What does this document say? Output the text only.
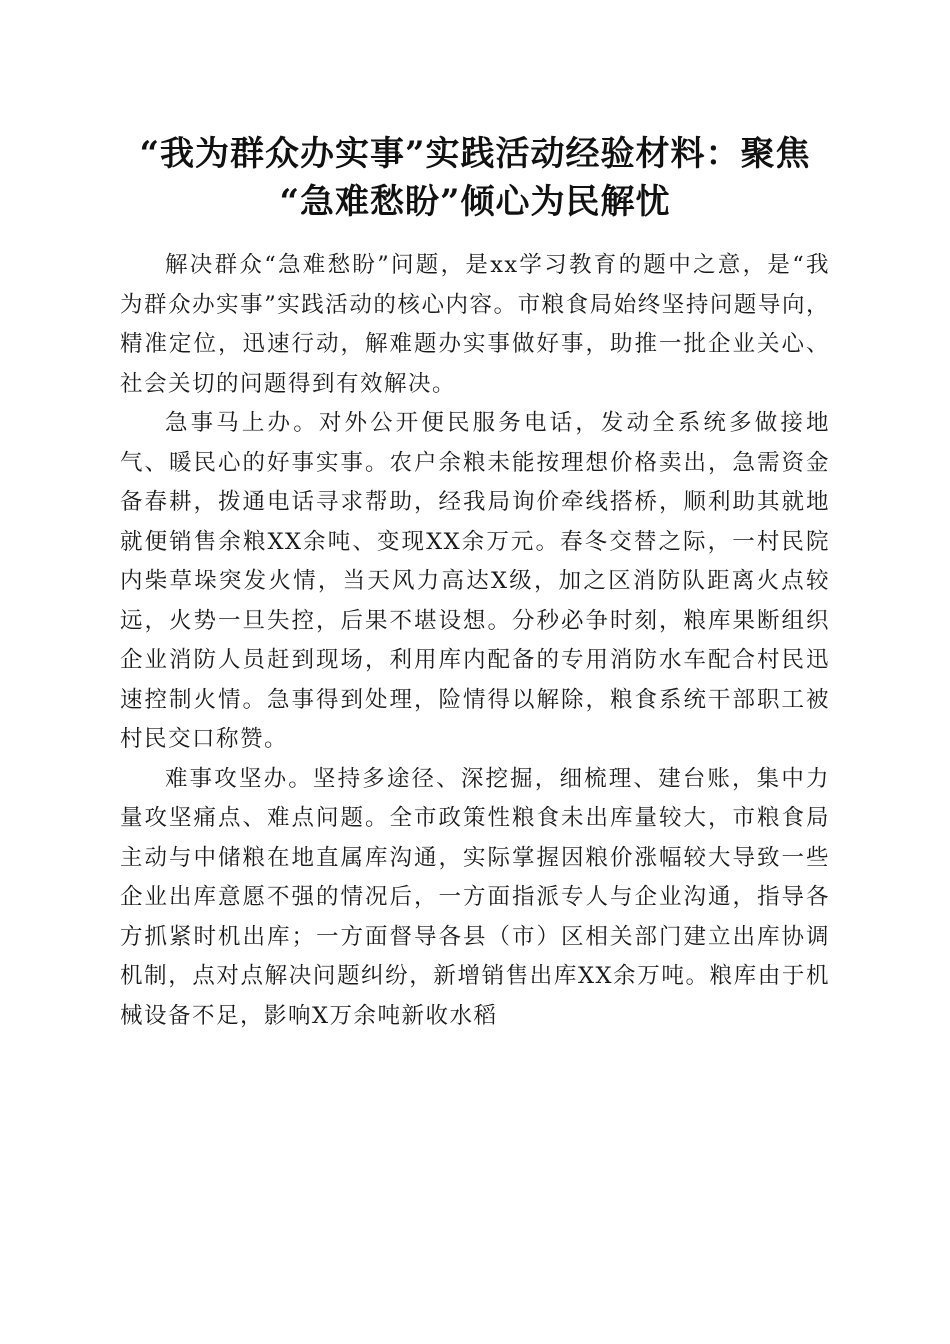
“我为群众办实事”实践活动经验材料：聚焦
“急难愁盼”倾心为民解忧

解决群众“急难愁盼”问题，是xx学习教育的题中之意，是“我为群众办实事”实践活动的核心内容。市粮食局始终坚持问题导向，精准定位，迅速行动，解难题办实事做好事，助推一批企业关心、社会关切的问题得到有效解决。

急事马上办。对外公开便民服务电话，发动全系统多做接地气、暖民心的好事实事。农户余粮未能按理想价格卖出，急需资金备春耕，拨通电话寻求帮助，经我局询价牵线搭桥，顺利助其就地就便销售余粮XX余吨、变现XX余万元。春冬交替之际，一村民院内柴草垛突发火情，当天风力高达X级，加之区消防队距离火点较远，火势一旦失控，后果不堪设想。分秒必争时刻，粮库果断组织企业消防人员赶到现场，利用库内配备的专用消防水车配合村民迅速控制火情。急事得到处理，险情得以解除，粮食系统干部职工被村民交口称赞。

难事攻坚办。坚持多途径、深挖掘，细梳理、建台账，集中力量攻坚痛点、难点问题。全市政策性粮食未出库量较大，市粮食局主动与中储粮在地直属库沟通，实际掌握因粮价涨幅较大导致一些企业出库意愿不强的情况后，一方面指派专人与企业沟通，指导各方抓紧时机出库；一方面督导各县（市）区相关部门建立出库协调机制，点对点解决问题纠纷，新增销售出库XX余万吨。粮库由于机械设备不足，影响X万余吨新收水稻
